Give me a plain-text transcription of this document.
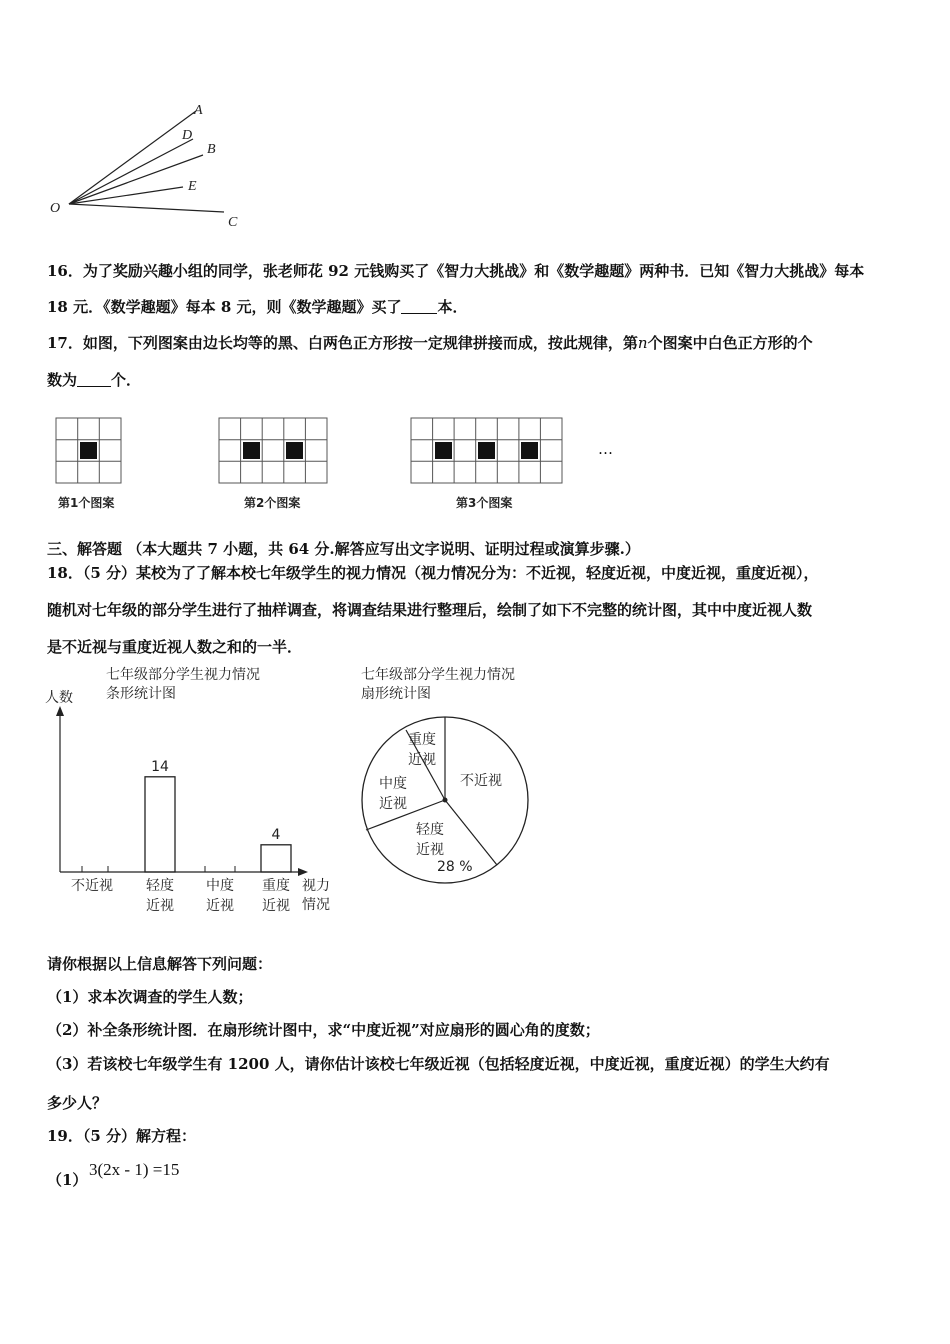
A
D
B
E
O
C
16．为了奖励兴趣小组的同学，张老师花 92 元钱购买了《智力大挑战》和《数学趣题》两种书．已知《智力大挑战》每本
18 元．《数学趣题》每本 8 元，则《数学趣题》买了 本．
17．如图，下列图案由边长均等的黑、白两色正方形按一定规律拼接而成，按此规律，第n个图案中白色正方形的个
数为 个．
第1个图案	第2个图案	第3个图案
…
三、解答题 （本大题共 7 小题，共 64 分.解答应写出文字说明、证明过程或演算步骤.）
18．（5 分）某校为了了解本校七年级学生的视力情况（视力情况分为：不近视，轻度近视，中度近视，重度近视），
随机对七年级的部分学生进行了抽样调查，将调查结果进行整理后，绘制了如下不完整的统计图，其中中度近视人数
是不近视与重度近视人数之和的一半．
七年级部分学生视力情况
条形统计图
人数
视力 情况
不近视
14
轻度近视
中度近视
4
重度近视
七年级部分学生视力情况
扇形统计图
不近视
轻度 近视
28 %
中度 近视
重度 近视
请你根据以上信息解答下列问题：
（1）求本次调查的学生人数；
（2）补全条形统计图．在扇形统计图中，求“中度近视”对应扇形的圆心角的度数；
（3）若该校七年级学生有 1200 人，请你估计该校七年级近视（包括轻度近视，中度近视，重度近视）的学生大约有
多少人？
19．（5 分）解方程：
（1）
3(2x - 1) =15
